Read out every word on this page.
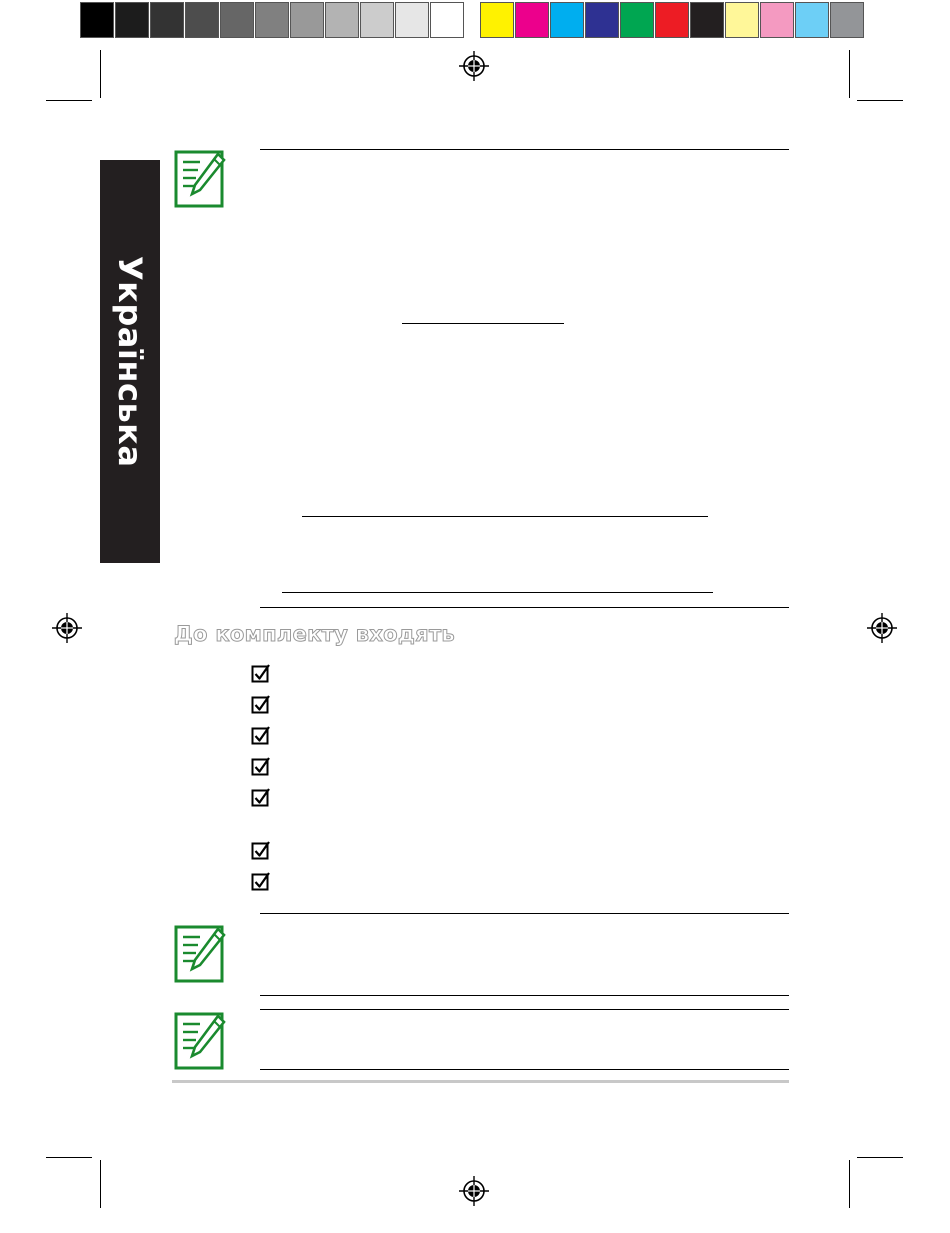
Українська
До комплекту входять
